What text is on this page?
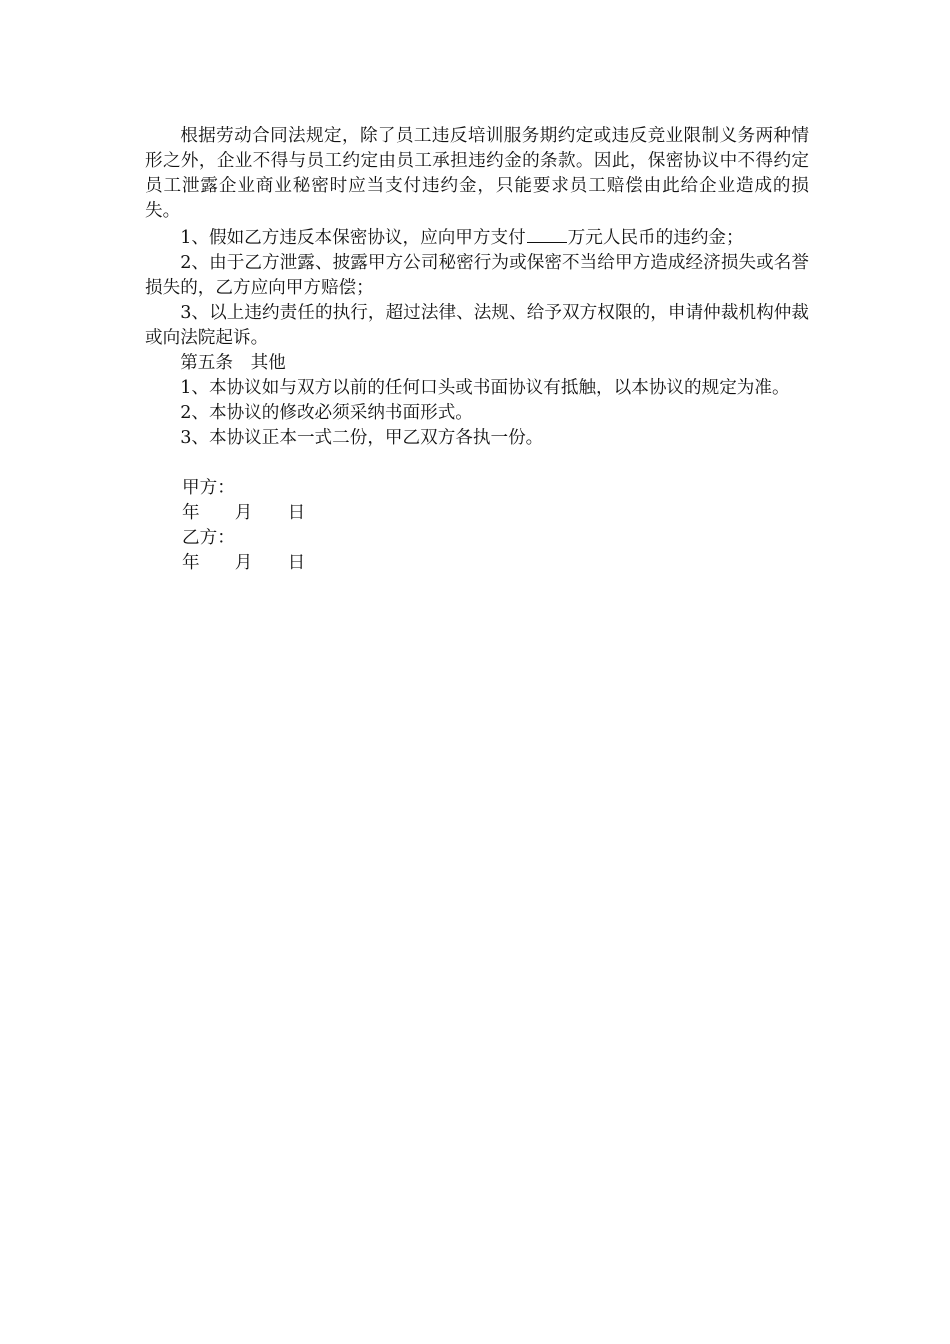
根据劳动合同法规定，除了员工违反培训服务期约定或违反竞业限制义务两种情形之外，企业不得与员工约定由员工承担违约金的条款。因此，保密协议中不得约定员工泄露企业商业秘密时应当支付违约金，只能要求员工赔偿由此给企业造成的损失。

1、假如乙方违反本保密协议，应向甲方支付 万元人民币的违约金；

2、由于乙方泄露、披露甲方公司秘密行为或保密不当给甲方造成经济损失或名誉损失的，乙方应向甲方赔偿；

3、以上违约责任的执行，超过法律、法规、给予双方权限的，申请仲裁机构仲裁或向法院起诉。

第五条　其他

1、本协议如与双方以前的任何口头或书面协议有抵触，以本协议的规定为准。

2、本协议的修改必须采纳书面形式。

3、本协议正本一式二份，甲乙双方各执一份。

甲方：

年　　月　　日

乙方：

年　　月　　日
